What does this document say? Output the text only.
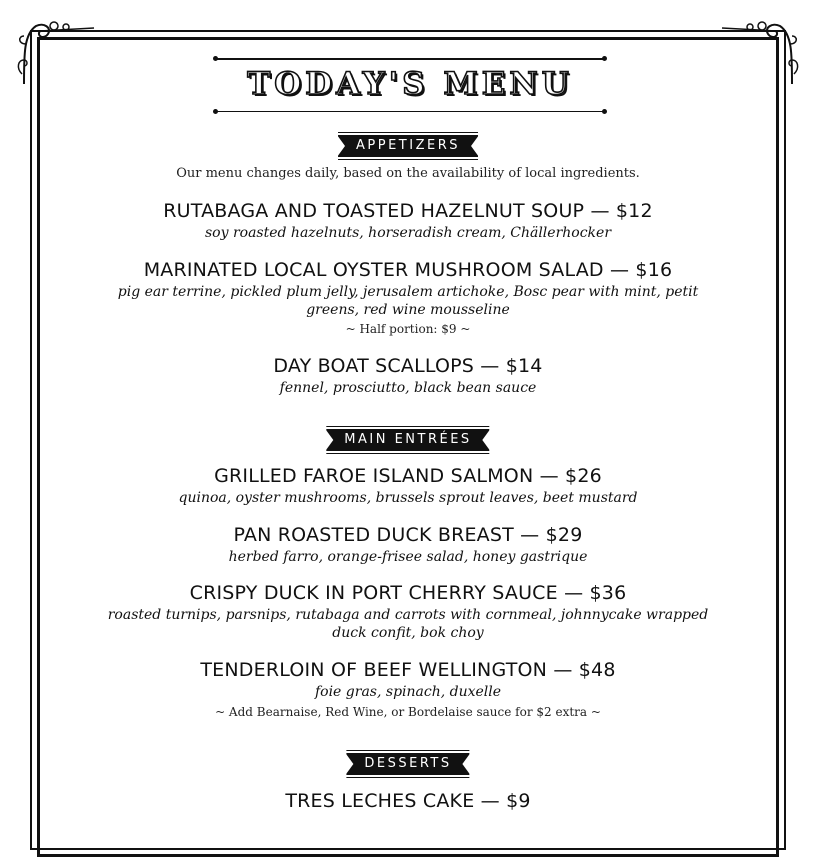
TODAY'S MENU
APPETIZERS
Our menu changes daily, based on the availability of local ingredients.
RUTABAGA AND TOASTED HAZELNUT SOUP — $12
soy roasted hazelnuts, horseradish cream, Chällerhocker
MARINATED LOCAL OYSTER MUSHROOM SALAD — $16
pig ear terrine, pickled plum jelly, jerusalem artichoke, Bosc pear with mint, petit greens, red wine mousseline
~ Half portion: $9 ~
DAY BOAT SCALLOPS — $14
fennel, prosciutto, black bean sauce
MAIN ENTRÉES
GRILLED FAROE ISLAND SALMON — $26
quinoa, oyster mushrooms, brussels sprout leaves, beet mustard
PAN ROASTED DUCK BREAST — $29
herbed farro, orange-frisee salad, honey gastrique
CRISPY DUCK IN PORT CHERRY SAUCE — $36
roasted turnips, parsnips, rutabaga and carrots with cornmeal, johnnycake wrapped duck confit, bok choy
TENDERLOIN OF BEEF WELLINGTON — $48
foie gras, spinach, duxelle
~ Add Bearnaise, Red Wine, or Bordelaise sauce for $2 extra ~
DESSERTS
TRES LECHES CAKE — $9
